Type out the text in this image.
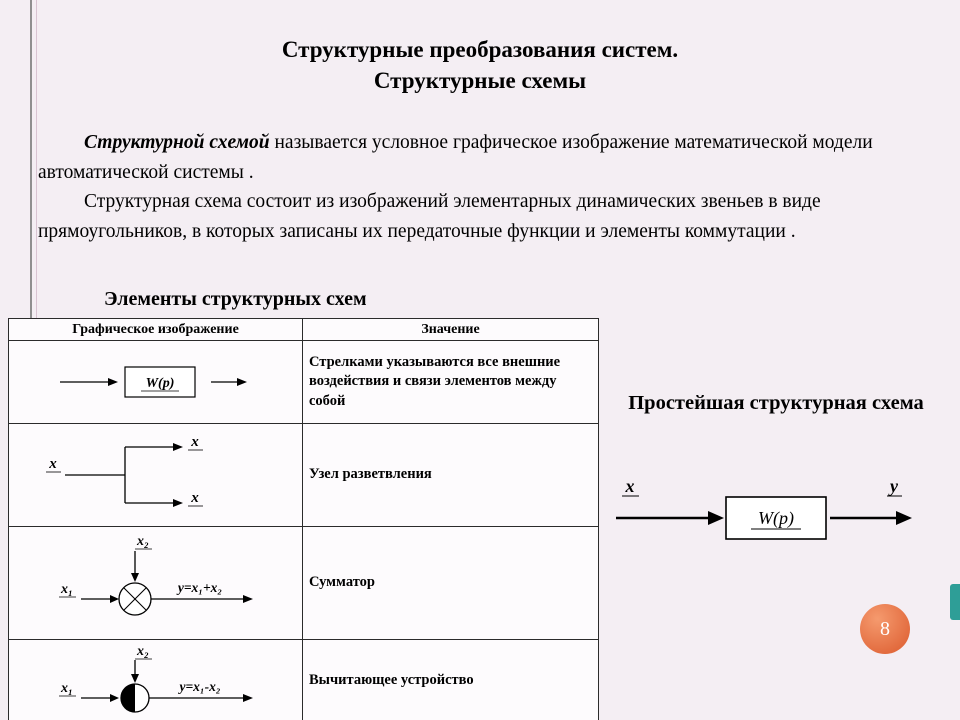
Структурные преобразования систем.
Структурные схемы

Структурной схемой называется условное графическое изображение математической модели автоматической системы .

Структурная схема состоит из изображений элементарных динамических звеньев в виде прямоугольников, в которых записаны их передаточные функции и элементы коммутации .

Элементы структурных схем
Графическое изображение	Значение

W(p)	Стрелками указываются все внешние воздействия и связи элементов между собой

x
x
x	Узел разветвления

x₂
x₁ y=x₁+x₂	Сумматор

x₂
x₁ y=x₁-x₂	Вычитающее устройство
Простейшая структурная схема
x
W(p)
y
8
